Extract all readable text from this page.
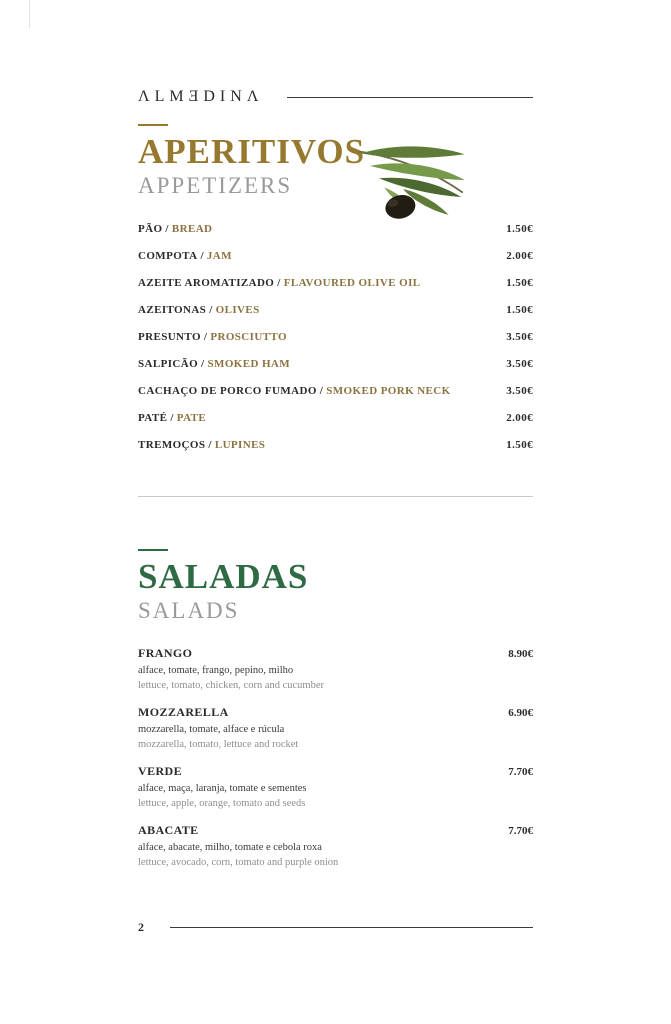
ΛLMƎDINΛ
APERITIVOS
APPETIZERS
PÃO / BREAD	1.50€
COMPOTA / JAM	2.00€
AZEITE AROMATIZADO / FLAVOURED OLIVE OIL	1.50€
AZEITONAS / OLIVES	1.50€
PRESUNTO / PROSCIUTTO	3.50€
SALPICÃO / SMOKED HAM	3.50€
CACHAÇO DE PORCO FUMADO / SMOKED PORK NECK	3.50€
PATÉ / PATE	2.00€
TREMOÇOS / LUPINES	1.50€
SALADAS
SALADS
FRANGO	8.90€
alface, tomate, frango, pepino, milho
lettuce, tomato, chicken, corn and cucumber
MOZZARELLA	6.90€
mozzarella, tomate, alface e rúcula
mozzarella, tomato, lettuce and rocket
VERDE	7.70€
alface, maça, laranja, tomate e sementes
lettuce, apple, orange, tomato and seeds
ABACATE	7.70€
alface, abacate, milho, tomate e cebola roxa
lettuce, avocado, corn, tomato and purple onion
2
